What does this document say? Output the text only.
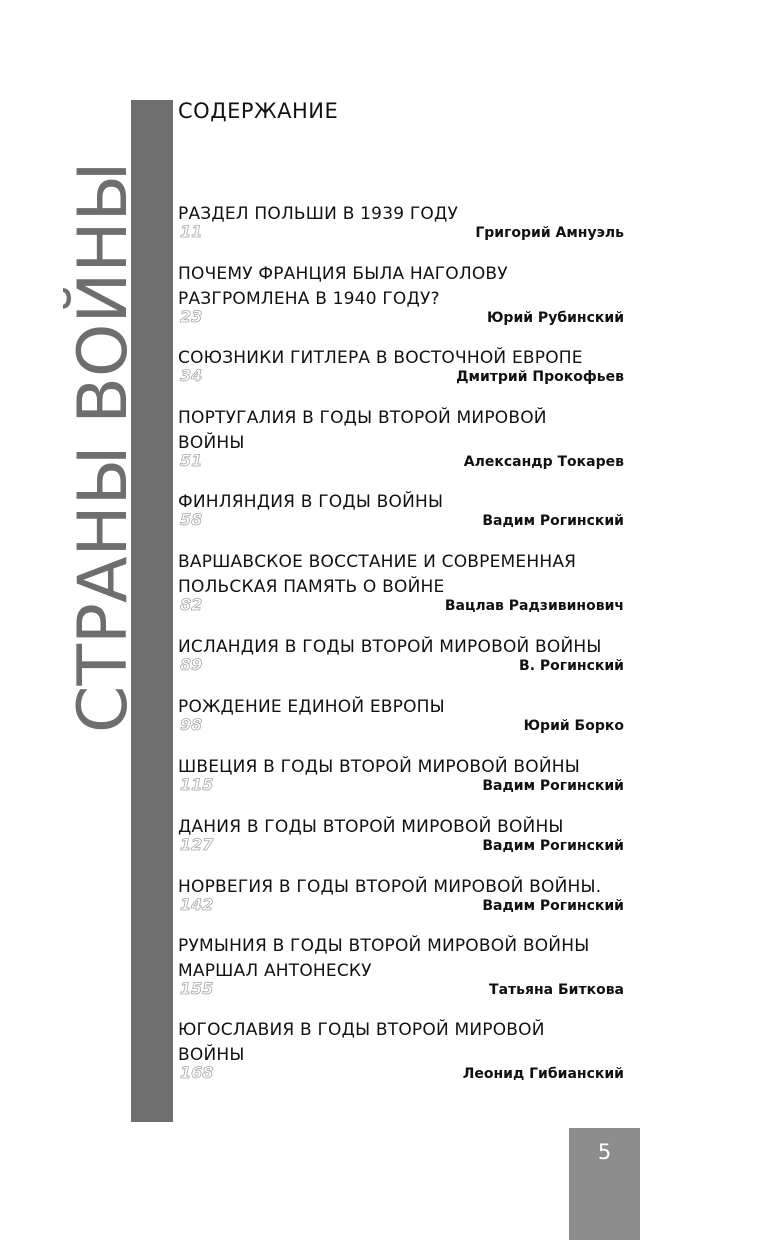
СТРАНЫ ВОЙНЫ
СОДЕРЖАНИЕ
РАЗДЕЛ ПОЛЬШИ В 1939 ГОДУ
11	Григорий Амнуэль
ПОЧЕМУ ФРАНЦИЯ БЫЛА НАГОЛОВУ
РАЗГРОМЛЕНА В 1940 ГОДУ?
23	Юрий Рубинский
СОЮЗНИКИ ГИТЛЕРА В ВОСТОЧНОЙ ЕВРОПЕ
34	Дмитрий Прокофьев
ПОРТУГАЛИЯ В ГОДЫ ВТОРОЙ МИРОВОЙ
ВОЙНЫ
51	Александр Токарев
ФИНЛЯНДИЯ В ГОДЫ ВОЙНЫ
58	Вадим Рогинский
ВАРШАВСКОЕ ВОССТАНИЕ И СОВРЕМЕННАЯ
ПОЛЬСКАЯ ПАМЯТЬ О ВОЙНЕ
82	Вацлав Радзивинович
ИСЛАНДИЯ В ГОДЫ ВТОРОЙ МИРОВОЙ ВОЙНЫ
89	В. Рогинский
РОЖДЕНИЕ ЕДИНОЙ ЕВРОПЫ
98	Юрий Борко
ШВЕЦИЯ В ГОДЫ ВТОРОЙ МИРОВОЙ ВОЙНЫ
115	Вадим Рогинский
ДАНИЯ В ГОДЫ ВТОРОЙ МИРОВОЙ ВОЙНЫ
127	Вадим Рогинский
НОРВЕГИЯ В ГОДЫ ВТОРОЙ МИРОВОЙ ВОЙНЫ.
142	Вадим Рогинский
РУМЫНИЯ В ГОДЫ ВТОРОЙ МИРОВОЙ ВОЙНЫ
МАРШАЛ АНТОНЕСКУ
155	Татьяна Биткова
ЮГОСЛАВИЯ В ГОДЫ ВТОРОЙ МИРОВОЙ
ВОЙНЫ
168	Леонид Гибианский
5
